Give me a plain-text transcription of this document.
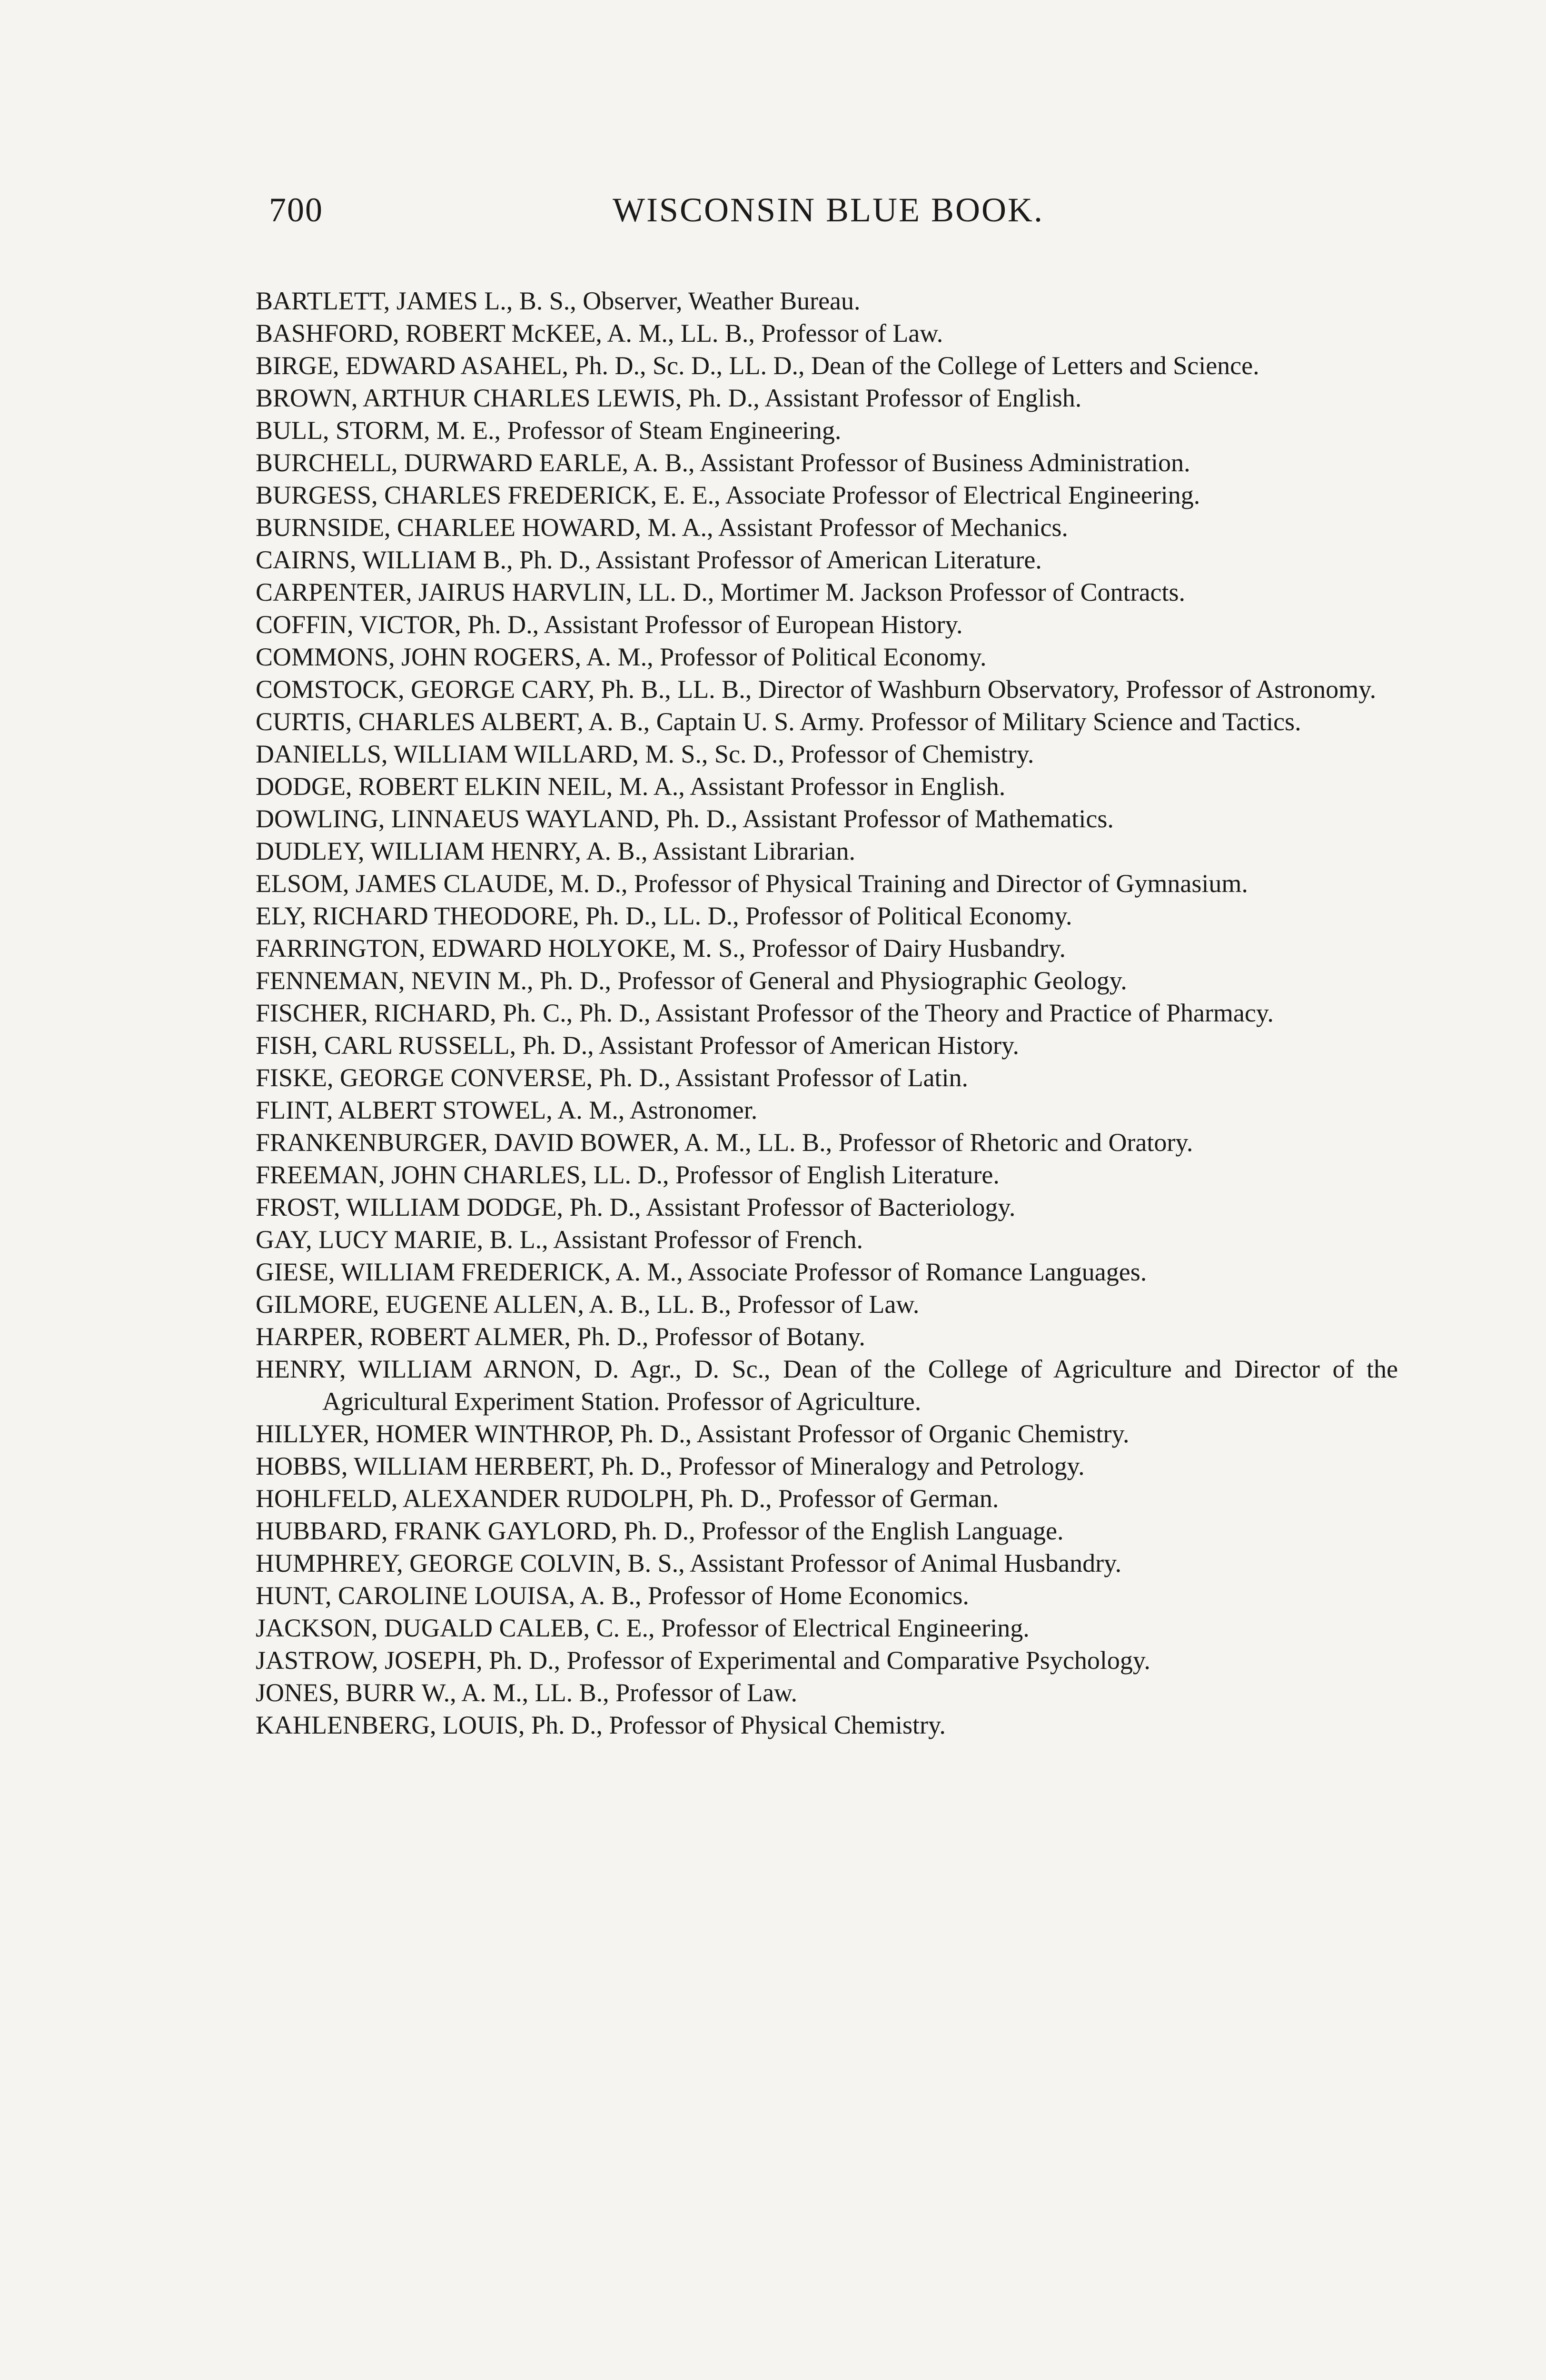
700	WISCONSIN BLUE BOOK.
BARTLETT, JAMES L., B. S., Observer, Weather Bureau.
BASHFORD, ROBERT McKEE, A. M., LL. B., Professor of Law.
BIRGE, EDWARD ASAHEL, Ph. D., Sc. D., LL. D., Dean of the College of Letters and Science.
BROWN, ARTHUR CHARLES LEWIS, Ph. D., Assistant Professor of English.
BULL, STORM, M. E., Professor of Steam Engineering.
BURCHELL, DURWARD EARLE, A. B., Assistant Professor of Business Administration.
BURGESS, CHARLES FREDERICK, E. E., Associate Professor of Electrical Engineering.
BURNSIDE, CHARLEE HOWARD, M. A., Assistant Professor of Mechanics.
CAIRNS, WILLIAM B., Ph. D., Assistant Professor of American Literature.
CARPENTER, JAIRUS HARVLIN, LL. D., Mortimer M. Jackson Professor of Contracts.
COFFIN, VICTOR, Ph. D., Assistant Professor of European History.
COMMONS, JOHN ROGERS, A. M., Professor of Political Economy.
COMSTOCK, GEORGE CARY, Ph. B., LL. B., Director of Washburn Observatory, Professor of Astronomy.
CURTIS, CHARLES ALBERT, A. B., Captain U. S. Army. Professor of Military Science and Tactics.
DANIELLS, WILLIAM WILLARD, M. S., Sc. D., Professor of Chemistry.
DODGE, ROBERT ELKIN NEIL, M. A., Assistant Professor in English.
DOWLING, LINNAEUS WAYLAND, Ph. D., Assistant Professor of Mathematics.
DUDLEY, WILLIAM HENRY, A. B., Assistant Librarian.
ELSOM, JAMES CLAUDE, M. D., Professor of Physical Training and Director of Gymnasium.
ELY, RICHARD THEODORE, Ph. D., LL. D., Professor of Political Economy.
FARRINGTON, EDWARD HOLYOKE, M. S., Professor of Dairy Husbandry.
FENNEMAN, NEVIN M., Ph. D., Professor of General and Physiographic Geology.
FISCHER, RICHARD, Ph. C., Ph. D., Assistant Professor of the Theory and Practice of Pharmacy.
FISH, CARL RUSSELL, Ph. D., Assistant Professor of American History.
FISKE, GEORGE CONVERSE, Ph. D., Assistant Professor of Latin.
FLINT, ALBERT STOWEL, A. M., Astronomer.
FRANKENBURGER, DAVID BOWER, A. M., LL. B., Professor of Rhetoric and Oratory.
FREEMAN, JOHN CHARLES, LL. D., Professor of English Literature.
FROST, WILLIAM DODGE, Ph. D., Assistant Professor of Bacteriology.
GAY, LUCY MARIE, B. L., Assistant Professor of French.
GIESE, WILLIAM FREDERICK, A. M., Associate Professor of Romance Languages.
GILMORE, EUGENE ALLEN, A. B., LL. B., Professor of Law.
HARPER, ROBERT ALMER, Ph. D., Professor of Botany.
HENRY, WILLIAM ARNON, D. Agr., D. Sc., Dean of the College of Agriculture and Director of the Agricultural Experiment Station. Professor of Agriculture.
HILLYER, HOMER WINTHROP, Ph. D., Assistant Professor of Organic Chemistry.
HOBBS, WILLIAM HERBERT, Ph. D., Professor of Mineralogy and Petrology.
HOHLFELD, ALEXANDER RUDOLPH, Ph. D., Professor of German.
HUBBARD, FRANK GAYLORD, Ph. D., Professor of the English Language.
HUMPHREY, GEORGE COLVIN, B. S., Assistant Professor of Animal Husbandry.
HUNT, CAROLINE LOUISA, A. B., Professor of Home Economics.
JACKSON, DUGALD CALEB, C. E., Professor of Electrical Engineering.
JASTROW, JOSEPH, Ph. D., Professor of Experimental and Comparative Psychology.
JONES, BURR W., A. M., LL. B., Professor of Law.
KAHLENBERG, LOUIS, Ph. D., Professor of Physical Chemistry.
